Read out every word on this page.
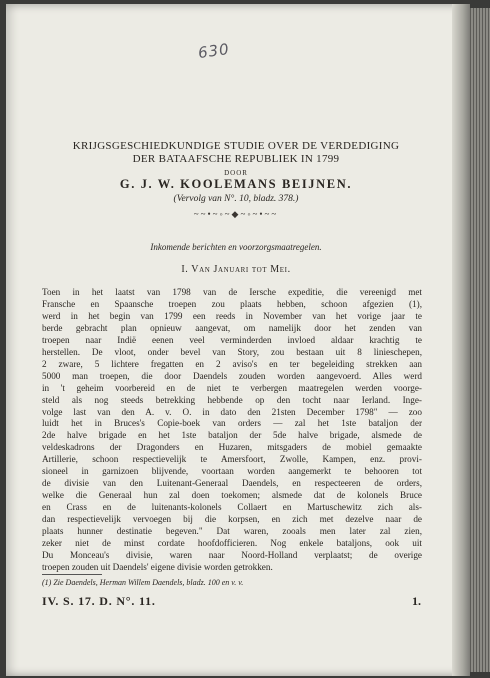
630
KRIJGSGESCHIEDKUNDIGE STUDIE OVER DE VERDEDIGING
DER BATAAFSCHE REPUBLIEK IN 1799
DOOR
G. J. W. KOOLEMANS BEIJNEN.
(Vervolg van N°. 10, bladz. 378.)
~~•~◦~◆~◦~•~~
Inkomende berichten en voorzorgsmaatregelen.
I. Van Januari tot Mei.
Toen in het laatst van 1798 van de Iersche expeditie, die vereenigd met
Fransche en Spaansche troepen zou plaats hebben, schoon afgezien (1),
werd in het begin van 1799 een reeds in November van het vorige jaar te
berde gebracht plan opnieuw aangevat, om namelijk door het zenden van
troepen naar Indië eenen veel verminderden invloed aldaar krachtig te
herstellen. De vloot, onder bevel van Story, zou bestaan uit 8 linieschepen,
2 zware, 5 lichtere fregatten en 2 aviso's en ter begeleiding strekken aan
5000 man troepen, die door Daendels zouden worden aangevoerd. Alles werd
in 't geheim voorbereid en de niet te verbergen maatregelen werden voorge-
steld als nog steeds betrekking hebbende op den tocht naar Ierland. Inge-
volge last van den A. v. O. in dato den 21sten December 1798" — zoo
luidt het in Bruces's Copie-boek van orders — zal het 1ste bataljon der
2de halve brigade en het 1ste bataljon der 5de halve brigade, alsmede de
veldeskadrons der Dragonders en Huzaren, mitsgaders de mobiel gemaakte
Artillerie, schoon respectievelijk te Amersfoort, Zwolle, Kampen, enz. provi-
sioneel in garnizoen blijvende, voortaan worden aangemerkt te behooren tot
de divisie van den Luitenant-Generaal Daendels, en respecteeren de orders,
welke die Generaal hun zal doen toekomen; alsmede dat de kolonels Bruce
en Crass en de luitenants-kolonels Collaert en Martuschewitz zich als-
dan respectievelijk vervoegen bij die korpsen, en zich met dezelve naar de
plaats hunner destinatie begeven." Dat waren, zooals men later zal zien,
zeker niet de minst cordate hoofdofficieren. Nog enkele bataljons, ook uit
Du Monceau's divisie, waren naar Noord-Holland verplaatst; de overige
troepen zouden uit Daendels' eigene divisie worden getrokken.
(1) Zie Daendels, Herman Willem Daendels, bladz. 100 en v. v.
IV. S. 17. D. N°. 11.	1.
